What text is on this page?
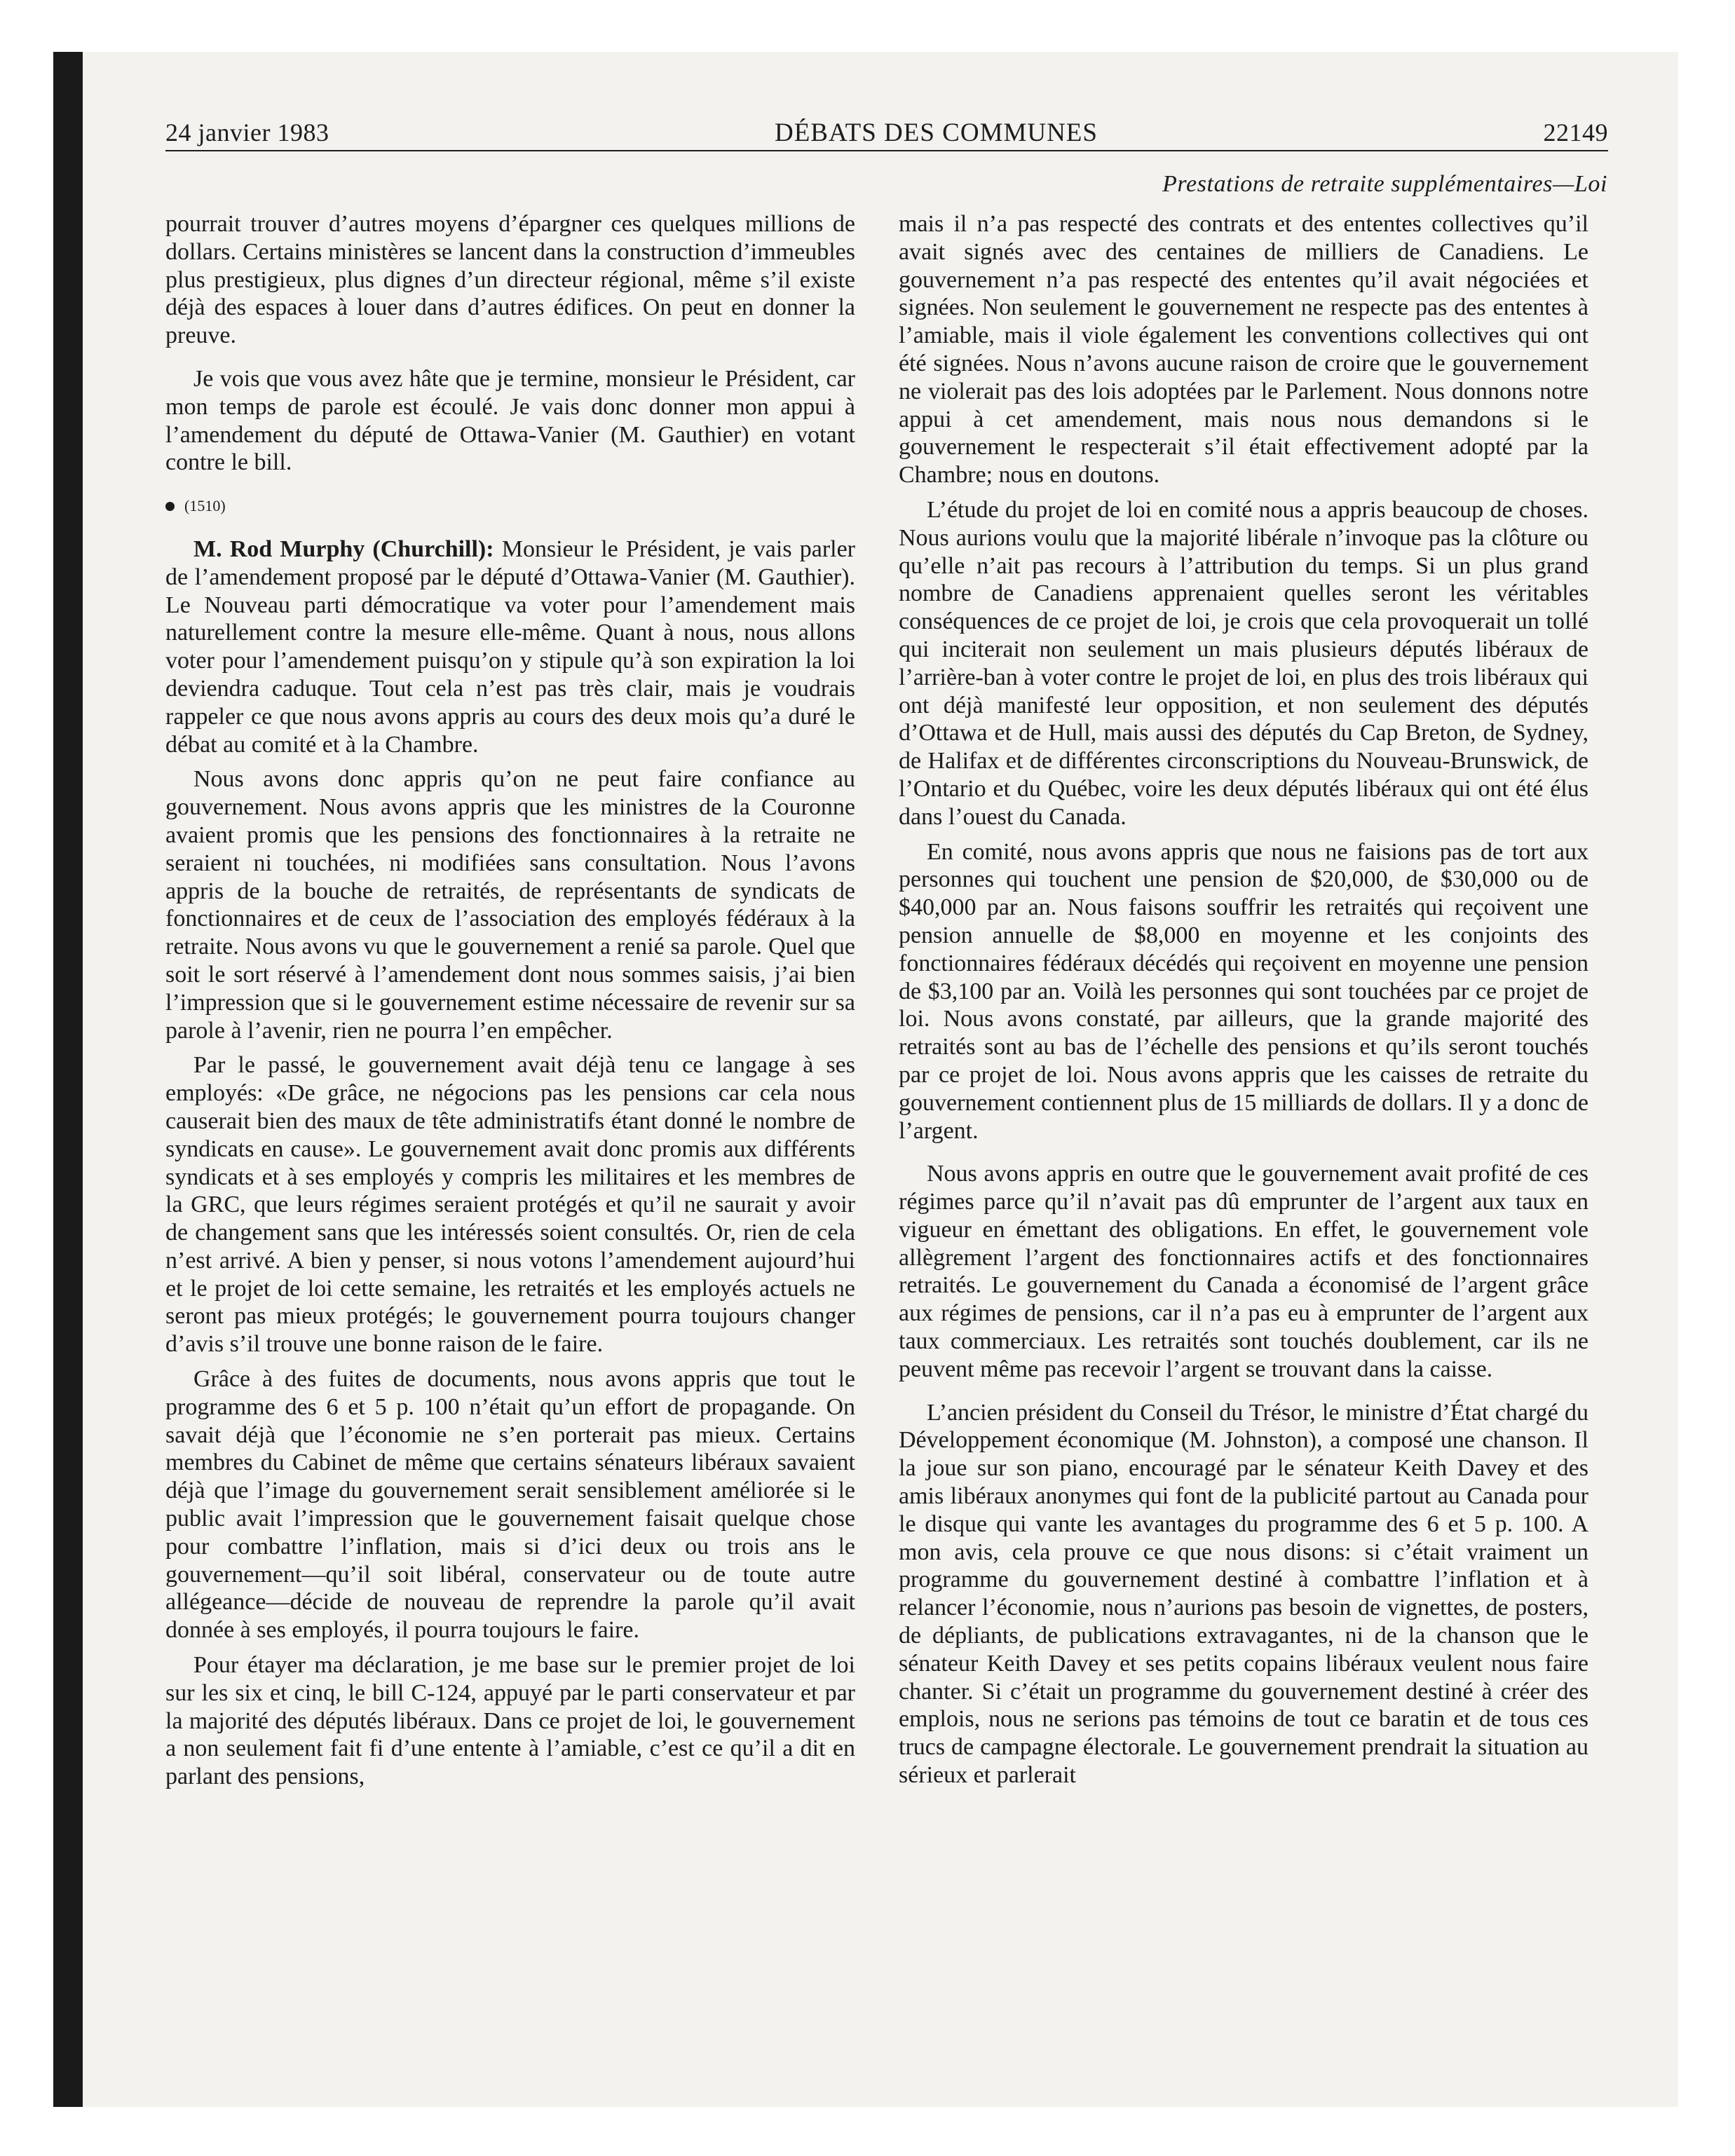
24 janvier 1983	DÉBATS DES COMMUNES	22149
Prestations de retraite supplémentaires—Loi

pourrait trouver d’autres moyens d’épargner ces quelques millions de dollars. Certains ministères se lancent dans la construction d’immeubles plus prestigieux, plus dignes d’un directeur régional, même s’il existe déjà des espaces à louer dans d’autres édifices. On peut en donner la preuve.

Je vois que vous avez hâte que je termine, monsieur le Président, car mon temps de parole est écoulé. Je vais donc donner mon appui à l’amendement du député de Ottawa-Vanier (M. Gauthier) en votant contre le bill.

(1510)

M. Rod Murphy (Churchill): Monsieur le Président, je vais parler de l’amendement proposé par le député d’Ottawa-Vanier (M. Gauthier). Le Nouveau parti démocratique va voter pour l’amendement mais naturellement contre la mesure elle-même. Quant à nous, nous allons voter pour l’amendement puisqu’on y stipule qu’à son expiration la loi deviendra caduque. Tout cela n’est pas très clair, mais je voudrais rappeler ce que nous avons appris au cours des deux mois qu’a duré le débat au comité et à la Chambre.

Nous avons donc appris qu’on ne peut faire confiance au gouvernement. Nous avons appris que les ministres de la Couronne avaient promis que les pensions des fonctionnaires à la retraite ne seraient ni touchées, ni modifiées sans consultation. Nous l’avons appris de la bouche de retraités, de représentants de syndicats de fonctionnaires et de ceux de l’association des employés fédéraux à la retraite. Nous avons vu que le gouvernement a renié sa parole. Quel que soit le sort réservé à l’amendement dont nous sommes saisis, j’ai bien l’impression que si le gouvernement estime nécessaire de revenir sur sa parole à l’avenir, rien ne pourra l’en empêcher.

Par le passé, le gouvernement avait déjà tenu ce langage à ses employés: «De grâce, ne négocions pas les pensions car cela nous causerait bien des maux de tête administratifs étant donné le nombre de syndicats en cause». Le gouvernement avait donc promis aux différents syndicats et à ses employés y compris les militaires et les membres de la GRC, que leurs régimes seraient protégés et qu’il ne saurait y avoir de changement sans que les intéressés soient consultés. Or, rien de cela n’est arrivé. A bien y penser, si nous votons l’amendement aujourd’hui et le projet de loi cette semaine, les retraités et les employés actuels ne seront pas mieux protégés; le gouvernement pourra toujours changer d’avis s’il trouve une bonne raison de le faire.

Grâce à des fuites de documents, nous avons appris que tout le programme des 6 et 5 p. 100 n’était qu’un effort de propagande. On savait déjà que l’économie ne s’en porterait pas mieux. Certains membres du Cabinet de même que certains sénateurs libéraux savaient déjà que l’image du gouvernement serait sensiblement améliorée si le public avait l’impression que le gouvernement faisait quelque chose pour combattre l’inflation, mais si d’ici deux ou trois ans le gouvernement—qu’il soit libéral, conservateur ou de toute autre allégeance—décide de nouveau de reprendre la parole qu’il avait donnée à ses employés, il pourra toujours le faire.

Pour étayer ma déclaration, je me base sur le premier projet de loi sur les six et cinq, le bill C-124, appuyé par le parti conservateur et par la majorité des députés libéraux. Dans ce projet de loi, le gouvernement a non seulement fait fi d’une entente à l’amiable, c’est ce qu’il a dit en parlant des pensions,

mais il n’a pas respecté des contrats et des ententes collectives qu’il avait signés avec des centaines de milliers de Canadiens. Le gouvernement n’a pas respecté des ententes qu’il avait négociées et signées. Non seulement le gouvernement ne respecte pas des ententes à l’amiable, mais il viole également les conventions collectives qui ont été signées. Nous n’avons aucune raison de croire que le gouvernement ne violerait pas des lois adoptées par le Parlement. Nous donnons notre appui à cet amendement, mais nous nous demandons si le gouvernement le respecterait s’il était effectivement adopté par la Chambre; nous en doutons.

L’étude du projet de loi en comité nous a appris beaucoup de choses. Nous aurions voulu que la majorité libérale n’invoque pas la clôture ou qu’elle n’ait pas recours à l’attribution du temps. Si un plus grand nombre de Canadiens apprenaient quelles seront les véritables conséquences de ce projet de loi, je crois que cela provoquerait un tollé qui inciterait non seulement un mais plusieurs députés libéraux de l’arrière-ban à voter contre le projet de loi, en plus des trois libéraux qui ont déjà manifesté leur opposition, et non seulement des députés d’Ottawa et de Hull, mais aussi des députés du Cap Breton, de Sydney, de Halifax et de différentes circonscriptions du Nouveau-Brunswick, de l’Ontario et du Québec, voire les deux députés libéraux qui ont été élus dans l’ouest du Canada.

En comité, nous avons appris que nous ne faisions pas de tort aux personnes qui touchent une pension de $20,000, de $30,000 ou de $40,000 par an. Nous faisons souffrir les retraités qui reçoivent une pension annuelle de $8,000 en moyenne et les conjoints des fonctionnaires fédéraux décédés qui reçoivent en moyenne une pension de $3,100 par an. Voilà les personnes qui sont touchées par ce projet de loi. Nous avons constaté, par ailleurs, que la grande majorité des retraités sont au bas de l’échelle des pensions et qu’ils seront touchés par ce projet de loi. Nous avons appris que les caisses de retraite du gouvernement contiennent plus de 15 milliards de dollars. Il y a donc de l’argent.

Nous avons appris en outre que le gouvernement avait profité de ces régimes parce qu’il n’avait pas dû emprunter de l’argent aux taux en vigueur en émettant des obligations. En effet, le gouvernement vole allègrement l’argent des fonctionnaires actifs et des fonctionnaires retraités. Le gouvernement du Canada a économisé de l’argent grâce aux régimes de pensions, car il n’a pas eu à emprunter de l’argent aux taux commerciaux. Les retraités sont touchés doublement, car ils ne peuvent même pas recevoir l’argent se trouvant dans la caisse.

L’ancien président du Conseil du Trésor, le ministre d’État chargé du Développement économique (M. Johnston), a composé une chanson. Il la joue sur son piano, encouragé par le sénateur Keith Davey et des amis libéraux anonymes qui font de la publicité partout au Canada pour le disque qui vante les avantages du programme des 6 et 5 p. 100. A mon avis, cela prouve ce que nous disons: si c’était vraiment un programme du gouvernement destiné à combattre l’inflation et à relancer l’économie, nous n’aurions pas besoin de vignettes, de posters, de dépliants, de publications extravagantes, ni de la chanson que le sénateur Keith Davey et ses petits copains libéraux veulent nous faire chanter. Si c’était un programme du gouvernement destiné à créer des emplois, nous ne serions pas témoins de tout ce baratin et de tous ces trucs de campagne électorale. Le gouvernement prendrait la situation au sérieux et parlerait
